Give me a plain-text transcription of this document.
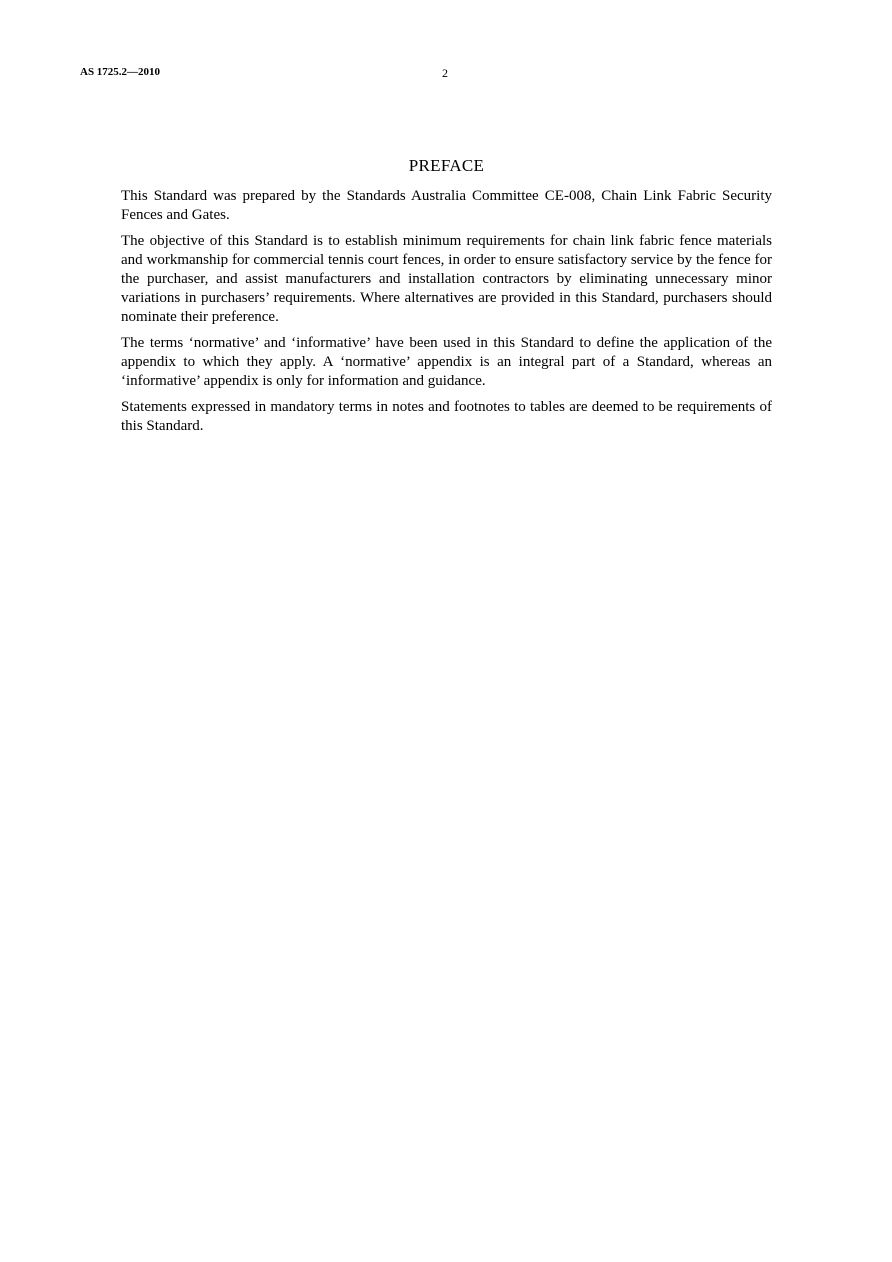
AS 1725.2—2010	2
PREFACE

This Standard was prepared by the Standards Australia Committee CE-008, Chain Link Fabric Security Fences and Gates.

The objective of this Standard is to establish minimum requirements for chain link fabric fence materials and workmanship for commercial tennis court fences, in order to ensure satisfactory service by the fence for the purchaser, and assist manufacturers and installation contractors by eliminating unnecessary minor variations in purchasers’ requirements. Where alternatives are provided in this Standard, purchasers should nominate their preference.

The terms ‘normative’ and ‘informative’ have been used in this Standard to define the application of the appendix to which they apply. A ‘normative’ appendix is an integral part of a Standard, whereas an ‘informative’ appendix is only for information and guidance.

Statements expressed in mandatory terms in notes and footnotes to tables are deemed to be requirements of this Standard.
